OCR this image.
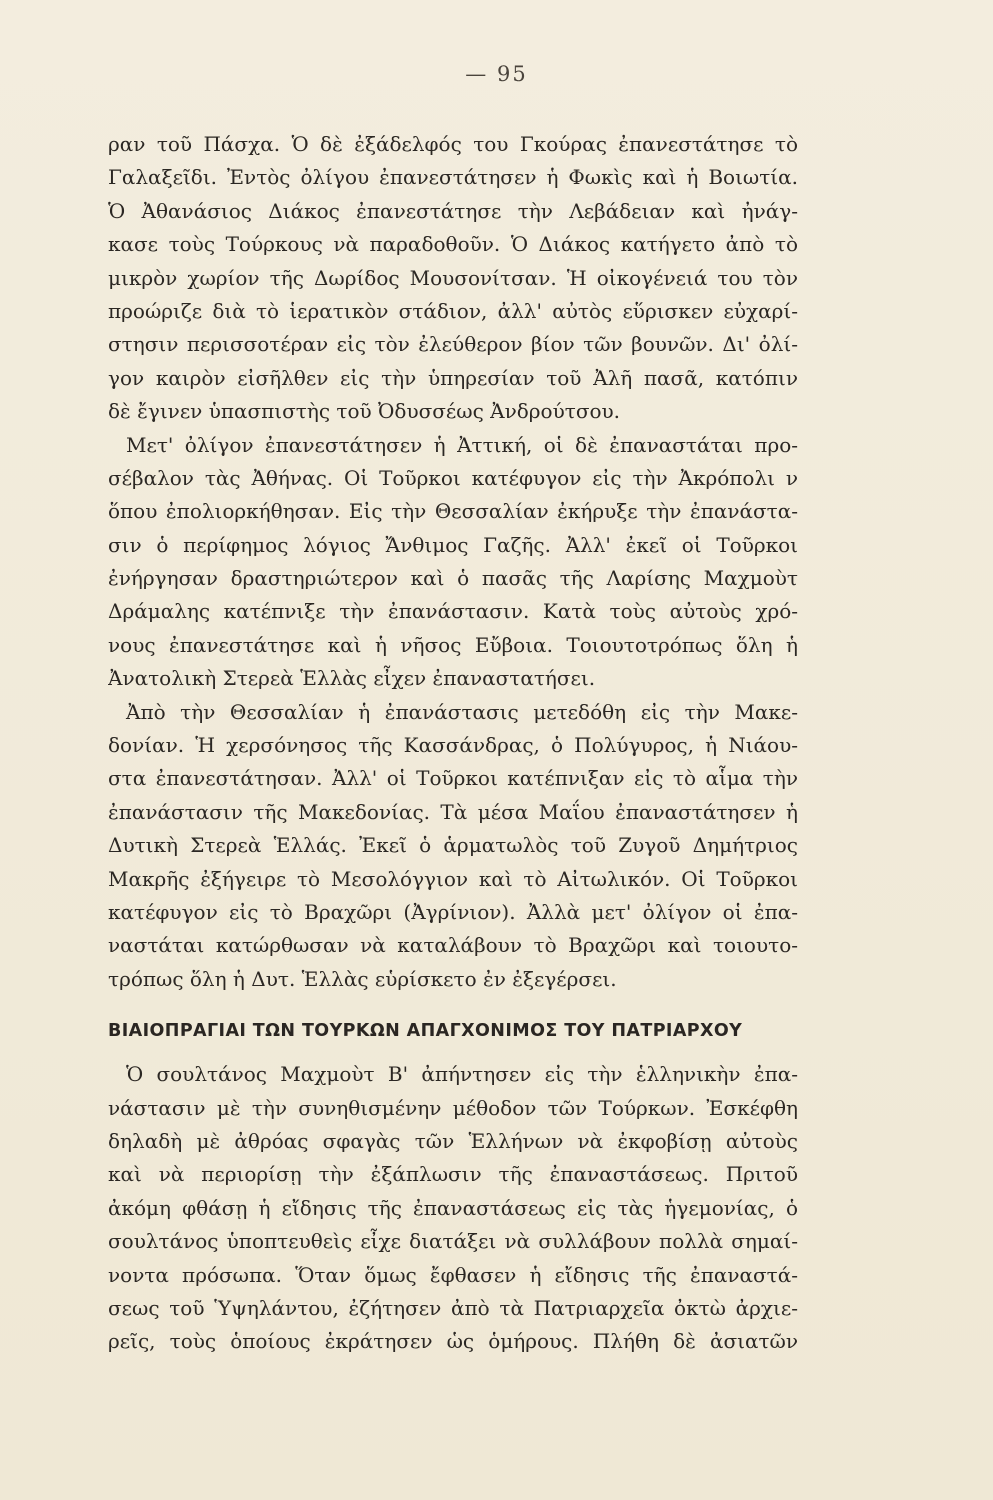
— 95
ραν τοῦ Πάσχα. Ὁ δὲ ἐξάδελφός του Γκούρας ἐπανεστάτησε τὸ
Γαλαξεῖδι. Ἐντὸς ὀλίγου ἐπανεστάτησεν ἡ Φωκὶς καὶ ἡ Βοιωτία.
Ὁ Ἀθανάσιος Διάκος ἐπανεστάτησε τὴν Λεβάδειαν καὶ ἠνάγ-
κασε τοὺς Τούρκους νὰ παραδοθοῦν. Ὁ Διάκος κατήγετο ἀπὸ τὸ
μικρὸν χωρίον τῆς Δωρίδος Μουσονίτσαν. Ἡ οἰκογένειά του τὸν
προώριζε διὰ τὸ ἱερατικὸν στάδιον, ἀλλ' αὐτὸς εὕρισκεν εὐχαρί-
στησιν περισσοτέραν εἰς τὸν ἐλεύθερον βίον τῶν βουνῶν. Δι' ὀλί-
γον καιρὸν εἰσῆλθεν εἰς τὴν ὑπηρεσίαν τοῦ Ἀλῆ πασᾶ, κατόπιν
δὲ ἔγινεν ὑπασπιστὴς τοῦ Ὀδυσσέως Ἀνδρούτσου.
Μετ' ὀλίγον ἐπανεστάτησεν ἡ Ἀττική, οἱ δὲ ἐπαναστάται προ-
σέβαλον τὰς Ἀθήνας. Οἱ Τοῦρκοι κατέφυγον εἰς τὴν Ἀκρόπολι ν
ὅπου ἐπολιορκήθησαν. Εἰς τὴν Θεσσαλίαν ἐκήρυξε τὴν ἐπανάστα-
σιν ὁ περίφημος λόγιος Ἄνθιμος Γαζῆς. Ἀλλ' ἐκεῖ οἱ Τοῦρκοι
ἐνήργησαν δραστηριώτερον καὶ ὁ πασᾶς τῆς Λαρίσης Μαχμοὺτ
Δράμαλης κατέπνιξε τὴν ἐπανάστασιν. Κατὰ τοὺς αὐτοὺς χρό-
νους ἐπανεστάτησε καὶ ἡ νῆσος Εὔβοια. Τοιουτοτρόπως ὅλη ἡ
Ἀνατολικὴ Στερεὰ Ἑλλὰς εἶχεν ἐπαναστατήσει.
Ἀπὸ τὴν Θεσσαλίαν ἡ ἐπανάστασις μετεδόθη εἰς τὴν Μακε-
δονίαν. Ἡ χερσόνησος τῆς Κασσάνδρας, ὁ Πολύγυρος, ἡ Νιάου-
στα ἐπανεστάτησαν. Ἀλλ' οἱ Τοῦρκοι κατέπνιξαν εἰς τὸ αἷμα τὴν
ἐπανάστασιν τῆς Μακεδονίας. Τὰ μέσα Μαΐου ἐπαναστάτησεν ἡ
Δυτικὴ Στερεὰ Ἑλλάς. Ἐκεῖ ὁ ἁρματωλὸς τοῦ Ζυγοῦ Δημήτριος
Μακρῆς ἐξήγειρε τὸ Μεσολόγγιον καὶ τὸ Αἰτωλικόν. Οἱ Τοῦρκοι
κατέφυγον εἰς τὸ Βραχῶρι (Ἀγρίνιον). Ἀλλὰ μετ' ὀλίγον οἱ ἐπα-
ναστάται κατώρθωσαν νὰ καταλάβουν τὸ Βραχῶρι καὶ τοιουτο-
τρόπως ὅλη ἡ Δυτ. Ἑλλὰς εὑρίσκετο ἐν ἐξεγέρσει.
ΒΙΑΙΟΠΡΑΓΙΑΙ ΤΩΝ ΤΟΥΡΚΩΝ ΑΠΑΓΧΟΝΙΜΟΣ ΤΟΥ ΠΑΤΡΙΑΡΧΟΥ
Ὁ σουλτάνος Μαχμοὺτ Β' ἀπήντησεν εἰς τὴν ἑλληνικὴν ἐπα-
νάστασιν μὲ τὴν συνηθισμένην μέθοδον τῶν Τούρκων. Ἐσκέφθη
δηλαδὴ μὲ ἀθρόας σφαγὰς τῶν Ἑλλήνων νὰ ἐκφοβίσῃ αὐτοὺς
καὶ νὰ περιορίσῃ τὴν ἐξάπλωσιν τῆς ἐπαναστάσεως. Πριτοῦ
ἀκόμη φθάσῃ ἡ εἴδησις τῆς ἐπαναστάσεως εἰς τὰς ἡγεμονίας, ὁ
σουλτάνος ὑποπτευθεὶς εἶχε διατάξει νὰ συλλάβουν πολλὰ σημαί-
νοντα πρόσωπα. Ὅταν ὅμως ἔφθασεν ἡ εἴδησις τῆς ἐπαναστά-
σεως τοῦ Ὑψηλάντου, ἐζήτησεν ἀπὸ τὰ Πατριαρχεῖα ὀκτὼ ἀρχιε-
ρεῖς, τοὺς ὁποίους ἐκράτησεν ὡς ὁμήρους. Πλήθη δὲ ἀσιατῶν
